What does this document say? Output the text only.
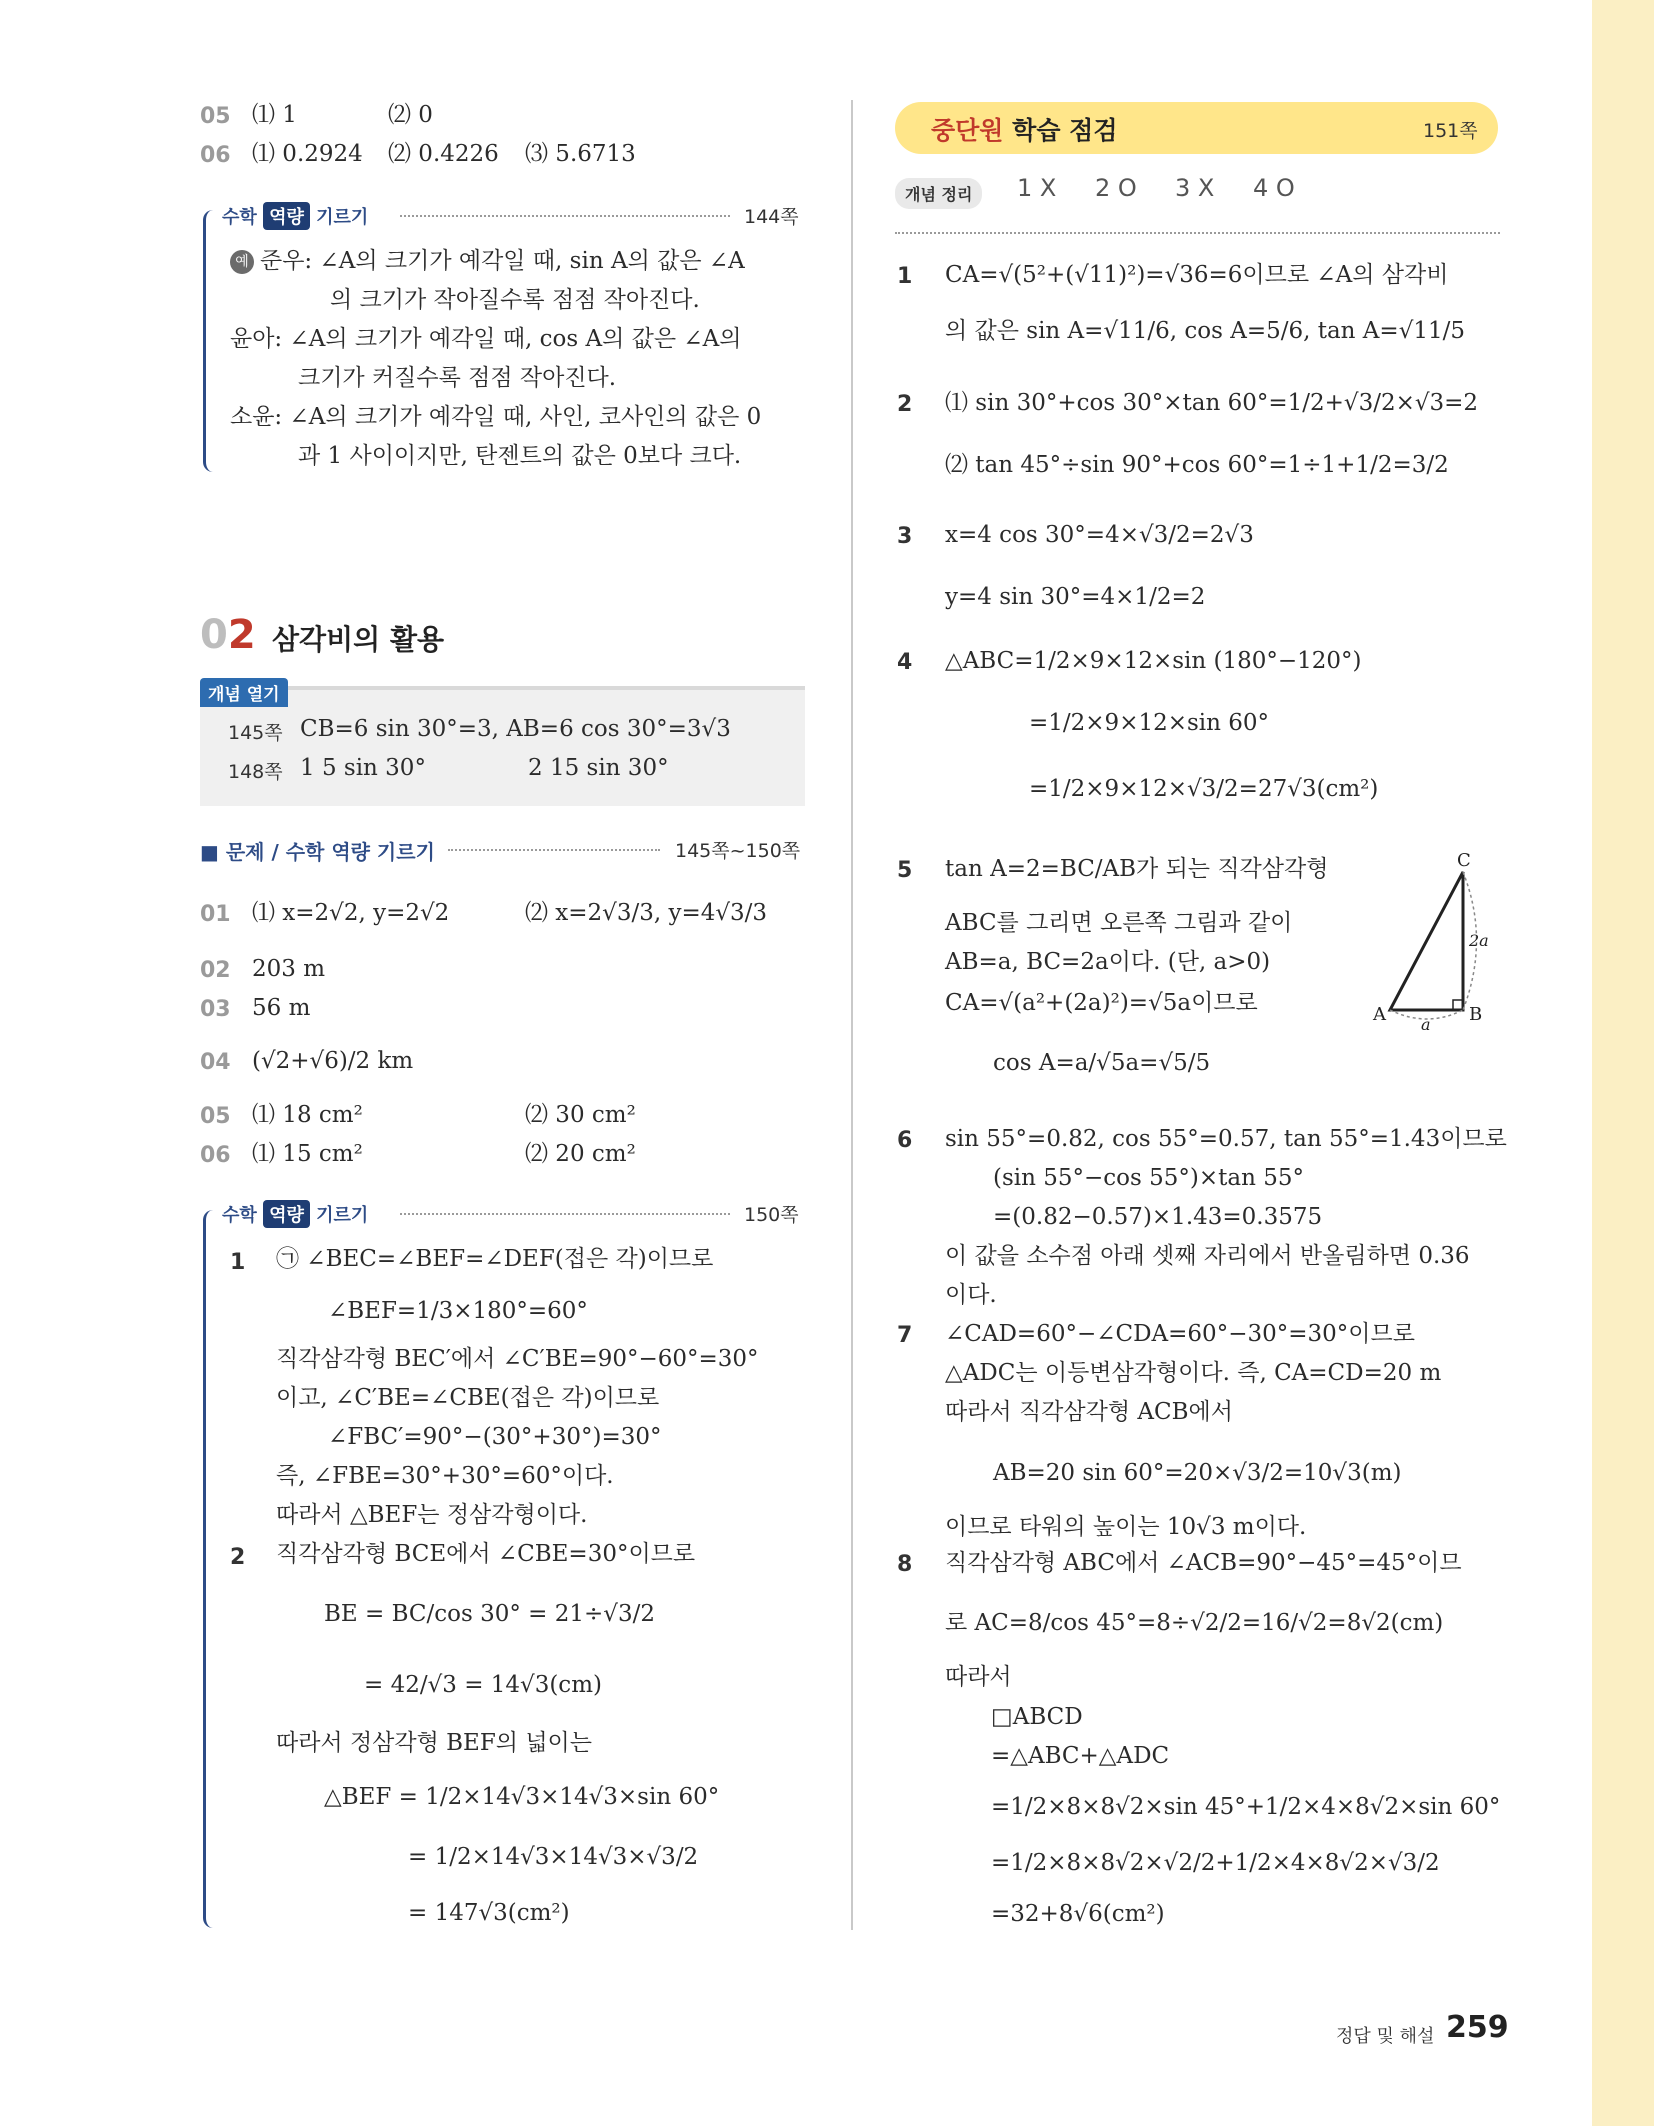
05 ⑴ 1	⑵ 0
06 ⑴ 0.2924 ⑵ 0.4226 ⑶ 5.6713
수학 역량 기르기	144쪽
예 준우: ∠A의 크기가 예각일 때, sin A의 값은 ∠A
의 크기가 작아질수록 점점 작아진다.
윤아: ∠A의 크기가 예각일 때, cos A의 값은 ∠A의
크기가 커질수록 점점 작아진다.
소윤: ∠A의 크기가 예각일 때, 사인, 코사인의 값은 0
과 1 사이이지만, 탄젠트의 값은 0보다 크다.
02 삼각비의 활용
개념 열기
145쪽 CB=6 sin 30°=3, AB=6 cos 30°=3√3
148쪽 1 5 sin 30°	2 15 sin 30°
■ 문제 / 수학 역량 기르기	145쪽~150쪽
01 ⑴ x=2√2, y=2√2	⑵ x=2√3/3, y=4√3/3
02 203 m
03 56 m
04 (√2+√6)/2 km
05 ⑴ 18 cm²	⑵ 30 cm²
06 ⑴ 15 cm²	⑵ 20 cm²
수학 역량 기르기	150쪽
1 ㉠ ∠BEC=∠BEF=∠DEF(접은 각)이므로
∠BEF=1/3×180°=60°
직각삼각형 BEC′에서 ∠C′BE=90°−60°=30°
이고, ∠C′BE=∠CBE(접은 각)이므로
∠FBC′=90°−(30°+30°)=30°
즉, ∠FBE=30°+30°=60°이다.
따라서 △BEF는 정삼각형이다.
2 직각삼각형 BCE에서 ∠CBE=30°이므로
BE = BC/cos 30° = 21÷√3/2
= 42/√3 = 14√3(cm)
따라서 정삼각형 BEF의 넓이는
△BEF = 1/2×14√3×14√3×sin 60°
= 1/2×14√3×14√3×√3/2
= 147√3(cm²)
중단원 학습 점검	151쪽
개념 정리	1 X 2 O 3 X 4 O
1 CA=√(5²+(√11)²)=√36=6이므로 ∠A의 삼각비
의 값은 sin A=√11/6, cos A=5/6, tan A=√11/5
2 ⑴ sin 30°+cos 30°×tan 60°=1/2+√3/2×√3=2
⑵ tan 45°÷sin 90°+cos 60°=1÷1+1/2=3/2
3 x=4 cos 30°=4×√3/2=2√3
y=4 sin 30°=4×1/2=2
4 △ABC=1/2×9×12×sin (180°−120°)
=1/2×9×12×sin 60°
=1/2×9×12×√3/2=27√3(cm²)
5 tan A=2=BC/AB가 되는 직각삼각형
ABC를 그리면 오른쪽 그림과 같이
AB=a, BC=2a이다. (단, a>0)
CA=√(a²+(2a)²)=√5a이므로
cos A=a/√5a=√5/5
C
A	B
a
2a
6 sin 55°=0.82, cos 55°=0.57, tan 55°=1.43이므로
(sin 55°−cos 55°)×tan 55°
=(0.82−0.57)×1.43=0.3575
이 값을 소수점 아래 셋째 자리에서 반올림하면 0.36
이다.
7 ∠CAD=60°−∠CDA=60°−30°=30°이므로
△ADC는 이등변삼각형이다. 즉, CA=CD=20 m
따라서 직각삼각형 ACB에서
AB=20 sin 60°=20×√3/2=10√3(m)
이므로 타워의 높이는 10√3 m이다.
8 직각삼각형 ABC에서 ∠ACB=90°−45°=45°이므
로 AC=8/cos 45°=8÷√2/2=16/√2=8√2(cm)
따라서
□ABCD
=△ABC+△ADC
=1/2×8×8√2×sin 45°+1/2×4×8√2×sin 60°
=1/2×8×8√2×√2/2+1/2×4×8√2×√3/2
=32+8√6(cm²)
정답 및 해설 259
